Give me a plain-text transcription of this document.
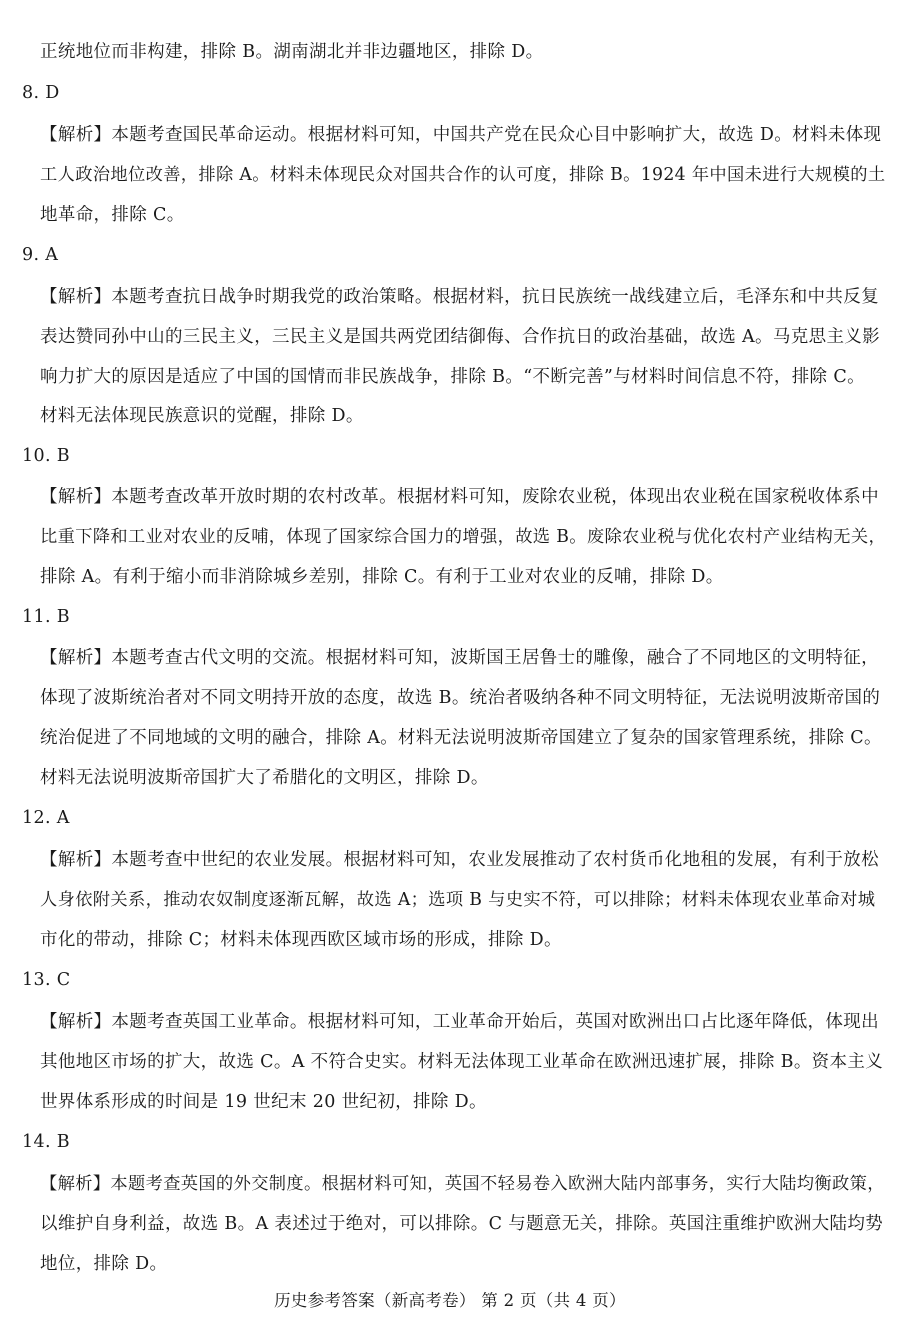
正统地位而非构建，排除 B。湖南湖北并非边疆地区，排除 D。
8. D
【解析】本题考查国民革命运动。根据材料可知，中国共产党在民众心目中影响扩大，故选 D。材料未体现
工人政治地位改善，排除 A。材料未体现民众对国共合作的认可度，排除 B。1924 年中国未进行大规模的土
地革命，排除 C。
9. A
【解析】本题考查抗日战争时期我党的政治策略。根据材料，抗日民族统一战线建立后，毛泽东和中共反复
表达赞同孙中山的三民主义，三民主义是国共两党团结御侮、合作抗日的政治基础，故选 A。马克思主义影
响力扩大的原因是适应了中国的国情而非民族战争，排除 B。“不断完善”与材料时间信息不符，排除 C。
材料无法体现民族意识的觉醒，排除 D。
10. B
【解析】本题考查改革开放时期的农村改革。根据材料可知，废除农业税，体现出农业税在国家税收体系中
比重下降和工业对农业的反哺，体现了国家综合国力的增强，故选 B。废除农业税与优化农村产业结构无关，
排除 A。有利于缩小而非消除城乡差别，排除 C。有利于工业对农业的反哺，排除 D。
11. B
【解析】本题考查古代文明的交流。根据材料可知，波斯国王居鲁士的雕像，融合了不同地区的文明特征，
体现了波斯统治者对不同文明持开放的态度，故选 B。统治者吸纳各种不同文明特征，无法说明波斯帝国的
统治促进了不同地域的文明的融合，排除 A。材料无法说明波斯帝国建立了复杂的国家管理系统，排除 C。
材料无法说明波斯帝国扩大了希腊化的文明区，排除 D。
12. A
【解析】本题考查中世纪的农业发展。根据材料可知，农业发展推动了农村货币化地租的发展，有利于放松
人身依附关系，推动农奴制度逐渐瓦解，故选 A；选项 B 与史实不符，可以排除；材料未体现农业革命对城
市化的带动，排除 C；材料未体现西欧区域市场的形成，排除 D。
13. C
【解析】本题考查英国工业革命。根据材料可知，工业革命开始后，英国对欧洲出口占比逐年降低，体现出
其他地区市场的扩大，故选 C。A 不符合史实。材料无法体现工业革命在欧洲迅速扩展，排除 B。资本主义
世界体系形成的时间是 19 世纪末 20 世纪初，排除 D。
14. B
【解析】本题考查英国的外交制度。根据材料可知，英国不轻易卷入欧洲大陆内部事务，实行大陆均衡政策，
以维护自身利益，故选 B。A 表述过于绝对，可以排除。C 与题意无关，排除。英国注重维护欧洲大陆均势
地位，排除 D。
历史参考答案（新高考卷） 第 2 页（共 4 页）
